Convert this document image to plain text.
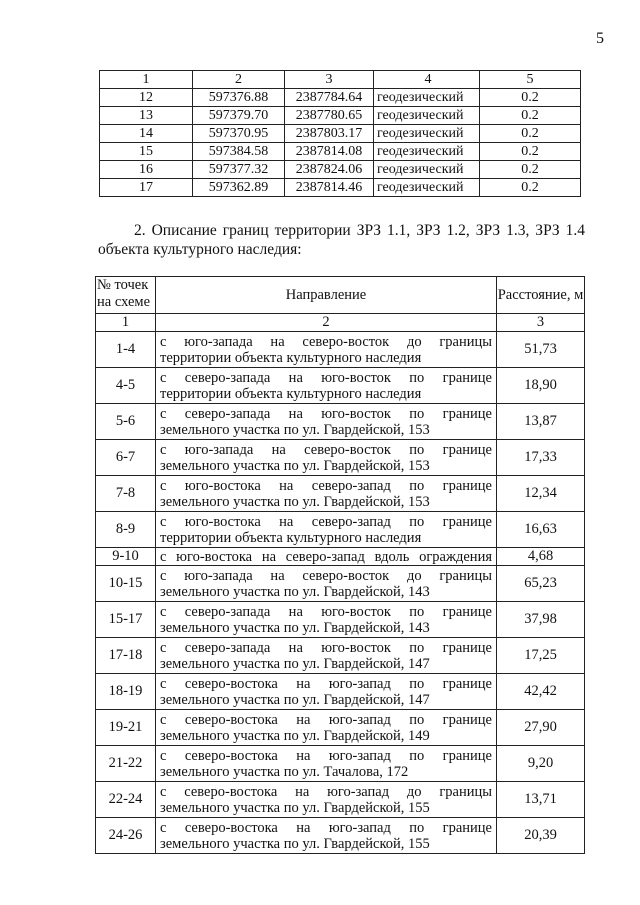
5
1	2	3	4	5
12	597376.88	2387784.64	геодезический	0.2
13	597379.70	2387780.65	геодезический	0.2
14	597370.95	2387803.17	геодезический	0.2
15	597384.58	2387814.08	геодезический	0.2
16	597377.32	2387824.06	геодезический	0.2
17	597362.89	2387814.46	геодезический	0.2
2. Описание границ территории ЗРЗ 1.1, ЗРЗ 1.2, ЗРЗ 1.3, ЗРЗ 1.4
объекта культурного наследия:
№ точек на схеме	Направление	Расстояние, м
1	2	3
1-4	с юго-запада на северо-восток до границы
территории объекта культурного наследия	51,73
4-5	с северо-запада на юго-восток по границе
территории объекта культурного наследия	18,90
5-6	с северо-запада на юго-восток по границе
земельного участка по ул. Гвардейской, 153	13,87
6-7	с юго-запада на северо-восток по границе
земельного участка по ул. Гвардейской, 153	17,33
7-8	с юго-востока на северо-запад по границе
земельного участка по ул. Гвардейской, 153	12,34
8-9	с юго-востока на северо-запад по границе
территории объекта культурного наследия	16,63
9-10	с юго-востока на северо-запад вдоль ограждения	4,68
10-15	с юго-запада на северо-восток до границы
земельного участка по ул. Гвардейской, 143	65,23
15-17	с северо-запада на юго-восток по границе
земельного участка по ул. Гвардейской, 143	37,98
17-18	с северо-запада на юго-восток по границе
земельного участка по ул. Гвардейской, 147	17,25
18-19	с северо-востока на юго-запад по границе
земельного участка по ул. Гвардейской, 147	42,42
19-21	с северо-востока на юго-запад по границе
земельного участка по ул. Гвардейской, 149	27,90
21-22	с северо-востока на юго-запад по границе
земельного участка по ул. Тачалова, 172	9,20
22-24	с северо-востока на юго-запад до границы
земельного участка по ул. Гвардейской, 155	13,71
24-26	с северо-востока на юго-запад по границе
земельного участка по ул. Гвардейской, 155	20,39
